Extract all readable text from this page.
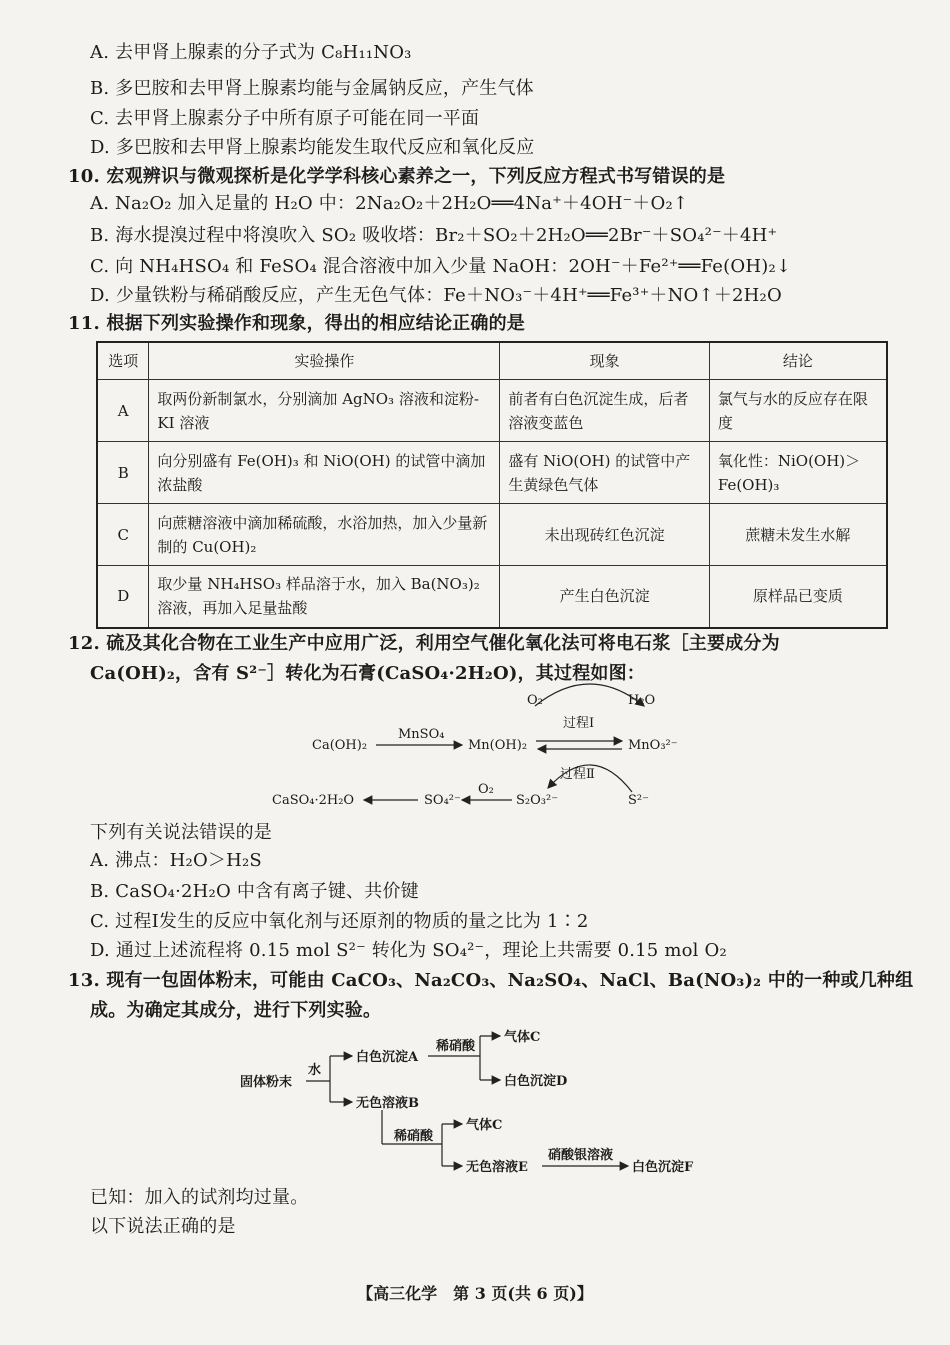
A. 去甲肾上腺素的分子式为 C₈H₁₁NO₃
B. 多巴胺和去甲肾上腺素均能与金属钠反应，产生气体
C. 去甲肾上腺素分子中所有原子可能在同一平面
D. 多巴胺和去甲肾上腺素均能发生取代反应和氧化反应
10. 宏观辨识与微观探析是化学学科核心素养之一，下列反应方程式书写错误的是
A. Na₂O₂ 加入足量的 H₂O 中：2Na₂O₂＋2H₂O══4Na⁺＋4OH⁻＋O₂↑
B. 海水提溴过程中将溴吹入 SO₂ 吸收塔：Br₂＋SO₂＋2H₂O══2Br⁻＋SO₄²⁻＋4H⁺
C. 向 NH₄HSO₄ 和 FeSO₄ 混合溶液中加入少量 NaOH：2OH⁻＋Fe²⁺══Fe(OH)₂↓
D. 少量铁粉与稀硝酸反应，产生无色气体：Fe＋NO₃⁻＋4H⁺══Fe³⁺＋NO↑＋2H₂O
11. 根据下列实验操作和现象，得出的相应结论正确的是
选项	实验操作	现象	结论
A	取两份新制氯水，分别滴加 AgNO₃ 溶液和淀粉-KI 溶液	前者有白色沉淀生成，后者溶液变蓝色	氯气与水的反应存在限度
B	向分别盛有 Fe(OH)₃ 和 NiO(OH) 的试管中滴加浓盐酸	盛有 NiO(OH) 的试管中产生黄绿色气体	氧化性：NiO(OH)＞Fe(OH)₃
C	向蔗糖溶液中滴加稀硫酸，水浴加热，加入少量新制的 Cu(OH)₂	未出现砖红色沉淀	蔗糖未发生水解
D	取少量 NH₄HSO₃ 样品溶于水，加入 Ba(NO₃)₂ 溶液，再加入足量盐酸	产生白色沉淀	原样品已变质
12. 硫及其化合物在工业生产中应用广泛，利用空气催化氧化法可将电石浆［主要成分为
Ca(OH)₂，含有 S²⁻］转化为石膏(CaSO₄·2H₂O)，其过程如图：
Ca(OH)₂
MnSO₄
Mn(OH)₂	MnO₃²⁻
O₂	H₂O
过程Ⅰ
过程Ⅱ
CaSO₄·2H₂O	SO₄²⁻
O₂
S₂O₃²⁻	S²⁻
固体粉末
水
白色沉淀A
无色溶液B
稀硝酸
气体C
白色沉淀D
稀硝酸
气体C
无色溶液E
硝酸银溶液
白色沉淀F
下列有关说法错误的是
A. 沸点：H₂O＞H₂S
B. CaSO₄·2H₂O 中含有离子键、共价键
C. 过程Ⅰ发生的反应中氧化剂与还原剂的物质的量之比为 1∶2
D. 通过上述流程将 0.15 mol S²⁻ 转化为 SO₄²⁻，理论上共需要 0.15 mol O₂
13. 现有一包固体粉末，可能由 CaCO₃、Na₂CO₃、Na₂SO₄、NaCl、Ba(NO₃)₂ 中的一种或几种组
成。为确定其成分，进行下列实验。
已知：加入的试剂均过量。
以下说法正确的是
【高三化学　第 3 页(共 6 页)】
